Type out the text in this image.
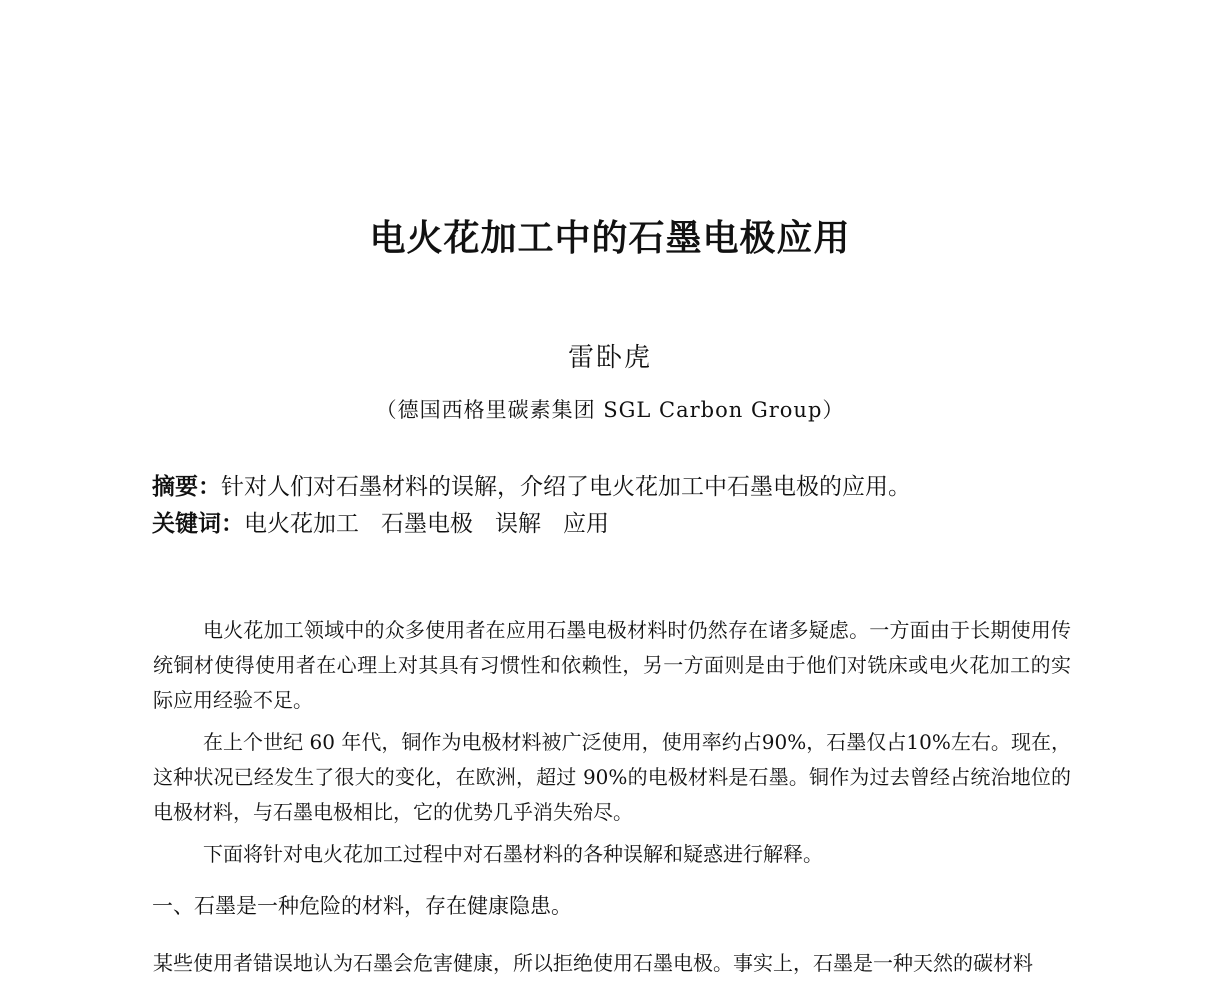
电火花加工中的石墨电极应用
雷卧虎
（德国西格里碳素集团 SGL Carbon Group）
摘要：针对人们对石墨材料的误解，介绍了电火花加工中石墨电极的应用。
关键词：电火花加工 石墨电极 误解 应用
电火花加工领域中的众多使用者在应用石墨电极材料时仍然存在诸多疑虑。一方面由于长期使用传统铜材使得使用者在心理上对其具有习惯性和依赖性，另一方面则是由于他们对铣床或电火花加工的实际应用经验不足。
在上个世纪 60 年代，铜作为电极材料被广泛使用，使用率约占90%，石墨仅占10%左右。现在，这种状况已经发生了很大的变化，在欧洲，超过 90%的电极材料是石墨。铜作为过去曾经占统治地位的电极材料，与石墨电极相比，它的优势几乎消失殆尽。
下面将针对电火花加工过程中对石墨材料的各种误解和疑惑进行解释。
一、石墨是一种危险的材料，存在健康隐患。
某些使用者错误地认为石墨会危害健康，所以拒绝使用石墨电极。事实上，石墨是一种天然的碳材料
